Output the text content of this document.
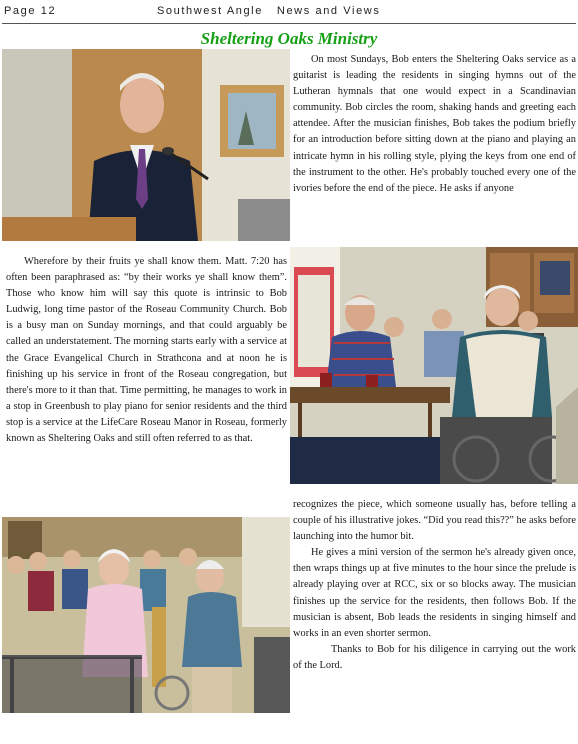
Page 12	Southwest Angle   News and Views
Sheltering Oaks Ministry

On most Sundays, Bob enters the Sheltering Oaks service as a guitarist is leading the residents in singing hymns out of the Lutheran hymnals that one would expect in a Scandinavian community. Bob circles the room, shaking hands and greeting each attendee. After the musician finishes, Bob takes the podium briefly for an introduction before sitting down at the piano and playing an intricate hymn in his rolling style, plying the keys from one end of the instrument to the other. He's probably touched every one of the ivories before the end of the piece. He asks if anyone

Wherefore by their fruits ye shall know them. Matt. 7:20 has often been paraphrased as: “by their works ye shall know them”. Those who know him will say this quote is intrinsic to Bob Ludwig, long time pastor of the Roseau Community Church. Bob is a busy man on Sunday mornings, and that could arguably be called an understatement. The morning starts early with a service at the Grace Evangelical Church in Strathcona and at noon he is finishing up his service in front of the Roseau congregation, but there's more to it than that. Time permitting, he manages to work in a stop in Greenbush to play piano for senior residents and the third stop is a service at the LifeCare Roseau Manor in Roseau, formerly known as Sheltering Oaks and still often referred to as that.

recognizes the piece, which someone usually has, before telling a couple of his illustrative jokes. “Did you read this??” he asks before launching into the humor bit.

He gives a mini version of the sermon he's already given once, then wraps things up at five minutes to the hour since the prelude is already playing over at RCC, six or so blocks away. The musician finishes up the service for the residents, then follows Bob. If the musician is absent, Bob leads the residents in singing himself and works in an even shorter sermon.

Thanks to Bob for his diligence in carrying out the work of the Lord.
